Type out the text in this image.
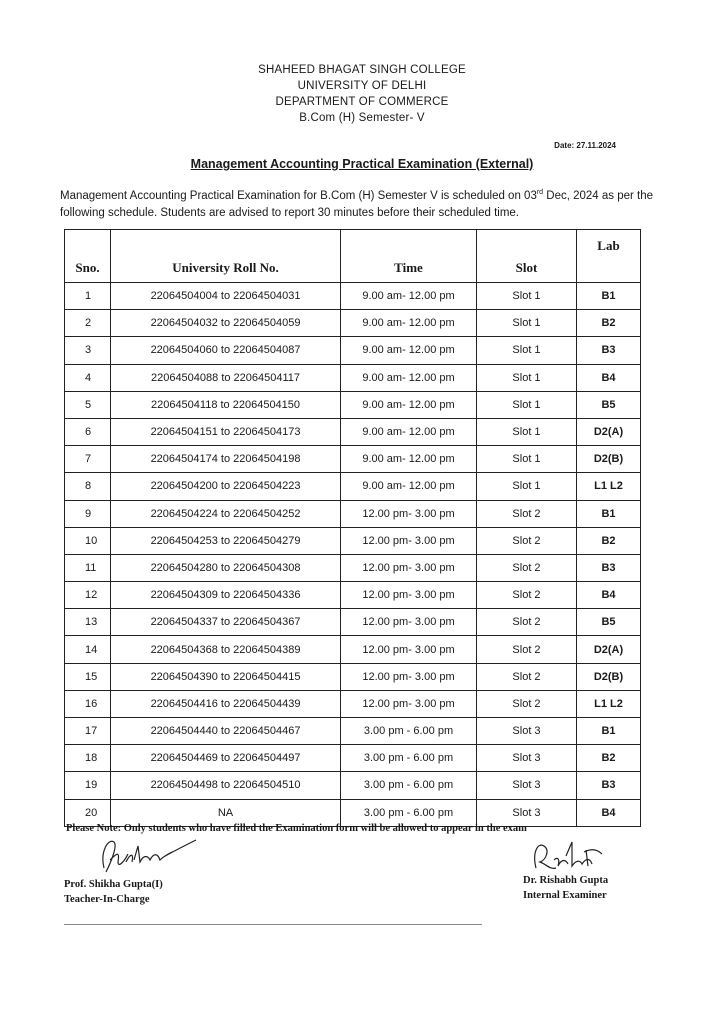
SHAHEED BHAGAT SINGH COLLEGE
UNIVERSITY OF DELHI
DEPARTMENT OF COMMERCE
B.Com (H) Semester- V
Date: 27.11.2024
Management Accounting Practical Examination (External)
Management Accounting Practical Examination for B.Com (H) Semester V is scheduled on 03rd Dec, 2024 as per the following schedule. Students are advised to report 30 minutes before their scheduled time.
Sno.	University Roll No.	Time	Slot	Lab
1	22064504004 to 22064504031	9.00 am- 12.00 pm	Slot 1	B1
2	22064504032 to 22064504059	9.00 am- 12.00 pm	Slot 1	B2
3	22064504060 to 22064504087	9.00 am- 12.00 pm	Slot 1	B3
4	22064504088 to 22064504117	9.00 am- 12.00 pm	Slot 1	B4
5	22064504118 to 22064504150	9.00 am- 12.00 pm	Slot 1	B5
6	22064504151 to 22064504173	9.00 am- 12.00 pm	Slot 1	D2(A)
7	22064504174 to 22064504198	9.00 am- 12.00 pm	Slot 1	D2(B)
8	22064504200 to 22064504223	9.00 am- 12.00 pm	Slot 1	L1 L2
9	22064504224 to 22064504252	12.00 pm- 3.00 pm	Slot 2	B1
10	22064504253 to 22064504279	12.00 pm- 3.00 pm	Slot 2	B2
11	22064504280 to 22064504308	12.00 pm- 3.00 pm	Slot 2	B3
12	22064504309 to 22064504336	12.00 pm- 3.00 pm	Slot 2	B4
13	22064504337 to 22064504367	12.00 pm- 3.00 pm	Slot 2	B5
14	22064504368 to 22064504389	12.00 pm- 3.00 pm	Slot 2	D2(A)
15	22064504390 to 22064504415	12.00 pm- 3.00 pm	Slot 2	D2(B)
16	22064504416 to 22064504439	12.00 pm- 3.00 pm	Slot 2	L1 L2
17	22064504440 to 22064504467	3.00 pm - 6.00 pm	Slot 3	B1
18	22064504469 to 22064504497	3.00 pm - 6.00 pm	Slot 3	B2
19	22064504498 to 22064504510	3.00 pm - 6.00 pm	Slot 3	B3
20	NA	3.00 pm - 6.00 pm	Slot 3	B4
Please Note: Only students who have filled the Examination form will be allowed to appear in the exam
Prof. Shikha Gupta(I)
Teacher-In-Charge
Dr. Rishabh Gupta
Internal Examiner
